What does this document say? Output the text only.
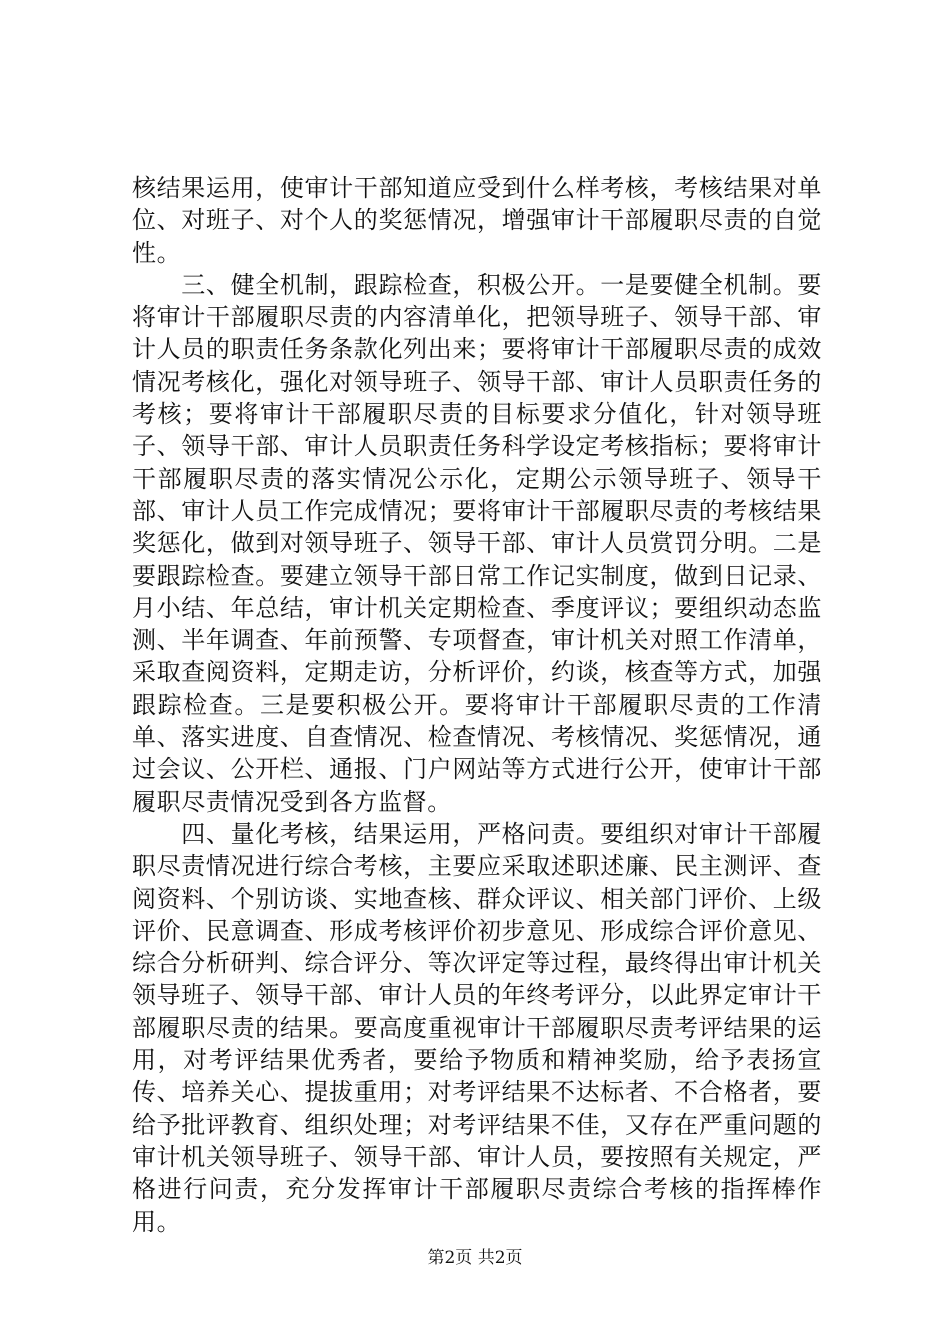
核结果运用，使审计干部知道应受到什么样考核，考核结果对单位、对班子、对个人的奖惩情况，增强审计干部履职尽责的自觉性。

　　三、健全机制，跟踪检查，积极公开。一是要健全机制。要将审计干部履职尽责的内容清单化，把领导班子、领导干部、审计人员的职责任务条款化列出来；要将审计干部履职尽责的成效情况考核化，强化对领导班子、领导干部、审计人员职责任务的考核；要将审计干部履职尽责的目标要求分值化，针对领导班子、领导干部、审计人员职责任务科学设定考核指标；要将审计干部履职尽责的落实情况公示化，定期公示领导班子、领导干部、审计人员工作完成情况；要将审计干部履职尽责的考核结果奖惩化，做到对领导班子、领导干部、审计人员赏罚分明。二是要跟踪检查。要建立领导干部日常工作记实制度，做到日记录、月小结、年总结，审计机关定期检查、季度评议；要组织动态监测、半年调查、年前预警、专项督查，审计机关对照工作清单，采取查阅资料，定期走访，分析评价，约谈，核查等方式，加强跟踪检查。三是要积极公开。要将审计干部履职尽责的工作清单、落实进度、自查情况、检查情况、考核情况、奖惩情况，通过会议、公开栏、通报、门户网站等方式进行公开，使审计干部履职尽责情况受到各方监督。

　　四、量化考核，结果运用，严格问责。要组织对审计干部履职尽责情况进行综合考核，主要应采取述职述廉、民主测评、查阅资料、个别访谈、实地查核、群众评议、相关部门评价、上级评价、民意调查、形成考核评价初步意见、形成综合评价意见、综合分析研判、综合评分、等次评定等过程，最终得出审计机关领导班子、领导干部、审计人员的年终考评分，以此界定审计干部履职尽责的结果。要高度重视审计干部履职尽责考评结果的运用，对考评结果优秀者，要给予物质和精神奖励，给予表扬宣传、培养关心、提拔重用；对考评结果不达标者、不合格者，要给予批评教育、组织处理；对考评结果不佳，又存在严重问题的审计机关领导班子、领导干部、审计人员，要按照有关规定，严格进行问责，充分发挥审计干部履职尽责综合考核的指挥棒作用。

第2页 共2页
